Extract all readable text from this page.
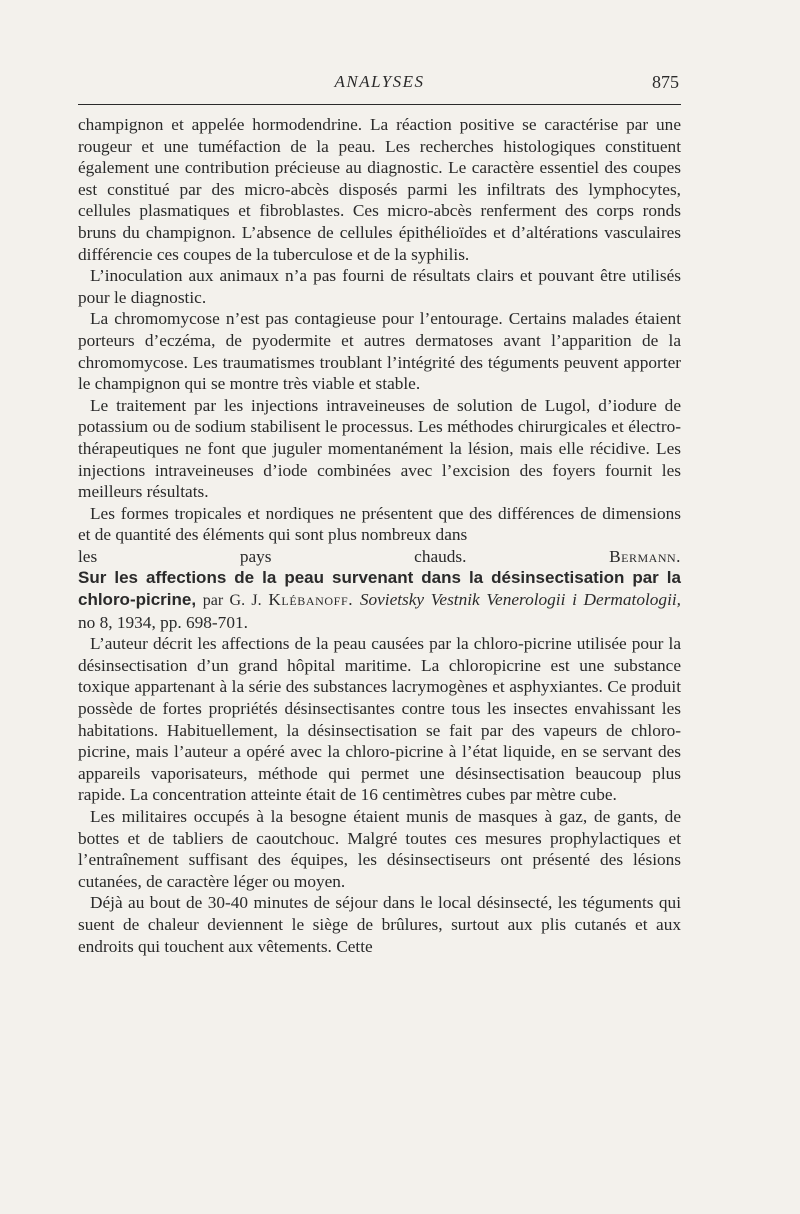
ANALYSES	875

champignon et appelée hormodendrine. La réaction positive se caractérise par une rougeur et une tuméfaction de la peau. Les recherches histologiques constituent également une contribution précieuse au diagnostic. Le caractère essentiel des coupes est constitué par des micro-abcès disposés parmi les infiltrats des lymphocytes, cellules plasmatiques et fibroblastes. Ces micro-abcès renferment des corps ronds bruns du champignon. L’absence de cellules épithélioïdes et d’altérations vasculaires différencie ces coupes de la tuberculose et de la syphilis.

L’inoculation aux animaux n’a pas fourni de résultats clairs et pouvant être utilisés pour le diagnostic.

La chromomycose n’est pas contagieuse pour l’entourage. Certains malades étaient porteurs d’eczéma, de pyodermite et autres dermatoses avant l’apparition de la chromomycose. Les traumatismes troublant l’intégrité des téguments peuvent apporter le champignon qui se montre très viable et stable.

Le traitement par les injections intraveineuses de solution de Lugol, d’iodure de potassium ou de sodium stabilisent le processus. Les méthodes chirurgicales et électro-thérapeutiques ne font que juguler momentanément la lésion, mais elle récidive. Les injections intraveineuses d’iode combinées avec l’excision des foyers fournit les meilleurs résultats.

Les formes tropicales et nordiques ne présentent que des différences de dimensions et de quantité des éléments qui sont plus nombreux dans

les pays chauds.	Bermann.

Sur les affections de la peau survenant dans la désinsectisation par la chloro-picrine, par G. J. Klébanoff. Sovietsky Vestnik Venerologii i Dermatologii, no 8, 1934, pp. 698-701.

L’auteur décrit les affections de la peau causées par la chloro-picrine utilisée pour la désinsectisation d’un grand hôpital maritime. La chloropicrine est une substance toxique appartenant à la série des substances lacrymogènes et asphyxiantes. Ce produit possède de fortes propriétés désinsectisantes contre tous les insectes envahissant les habitations. Habituellement, la désinsectisation se fait par des vapeurs de chloro-picrine, mais l’auteur a opéré avec la chloro-picrine à l’état liquide, en se servant des appareils vaporisateurs, méthode qui permet une désinsectisation beaucoup plus rapide. La concentration atteinte était de 16 centimètres cubes par mètre cube.

Les militaires occupés à la besogne étaient munis de masques à gaz, de gants, de bottes et de tabliers de caoutchouc. Malgré toutes ces mesures prophylactiques et l’entraînement suffisant des équipes, les désinsectiseurs ont présenté des lésions cutanées, de caractère léger ou moyen.

Déjà au bout de 30-40 minutes de séjour dans le local désinsecté, les téguments qui suent de chaleur deviennent le siège de brûlures, surtout aux plis cutanés et aux endroits qui touchent aux vêtements. Cette
